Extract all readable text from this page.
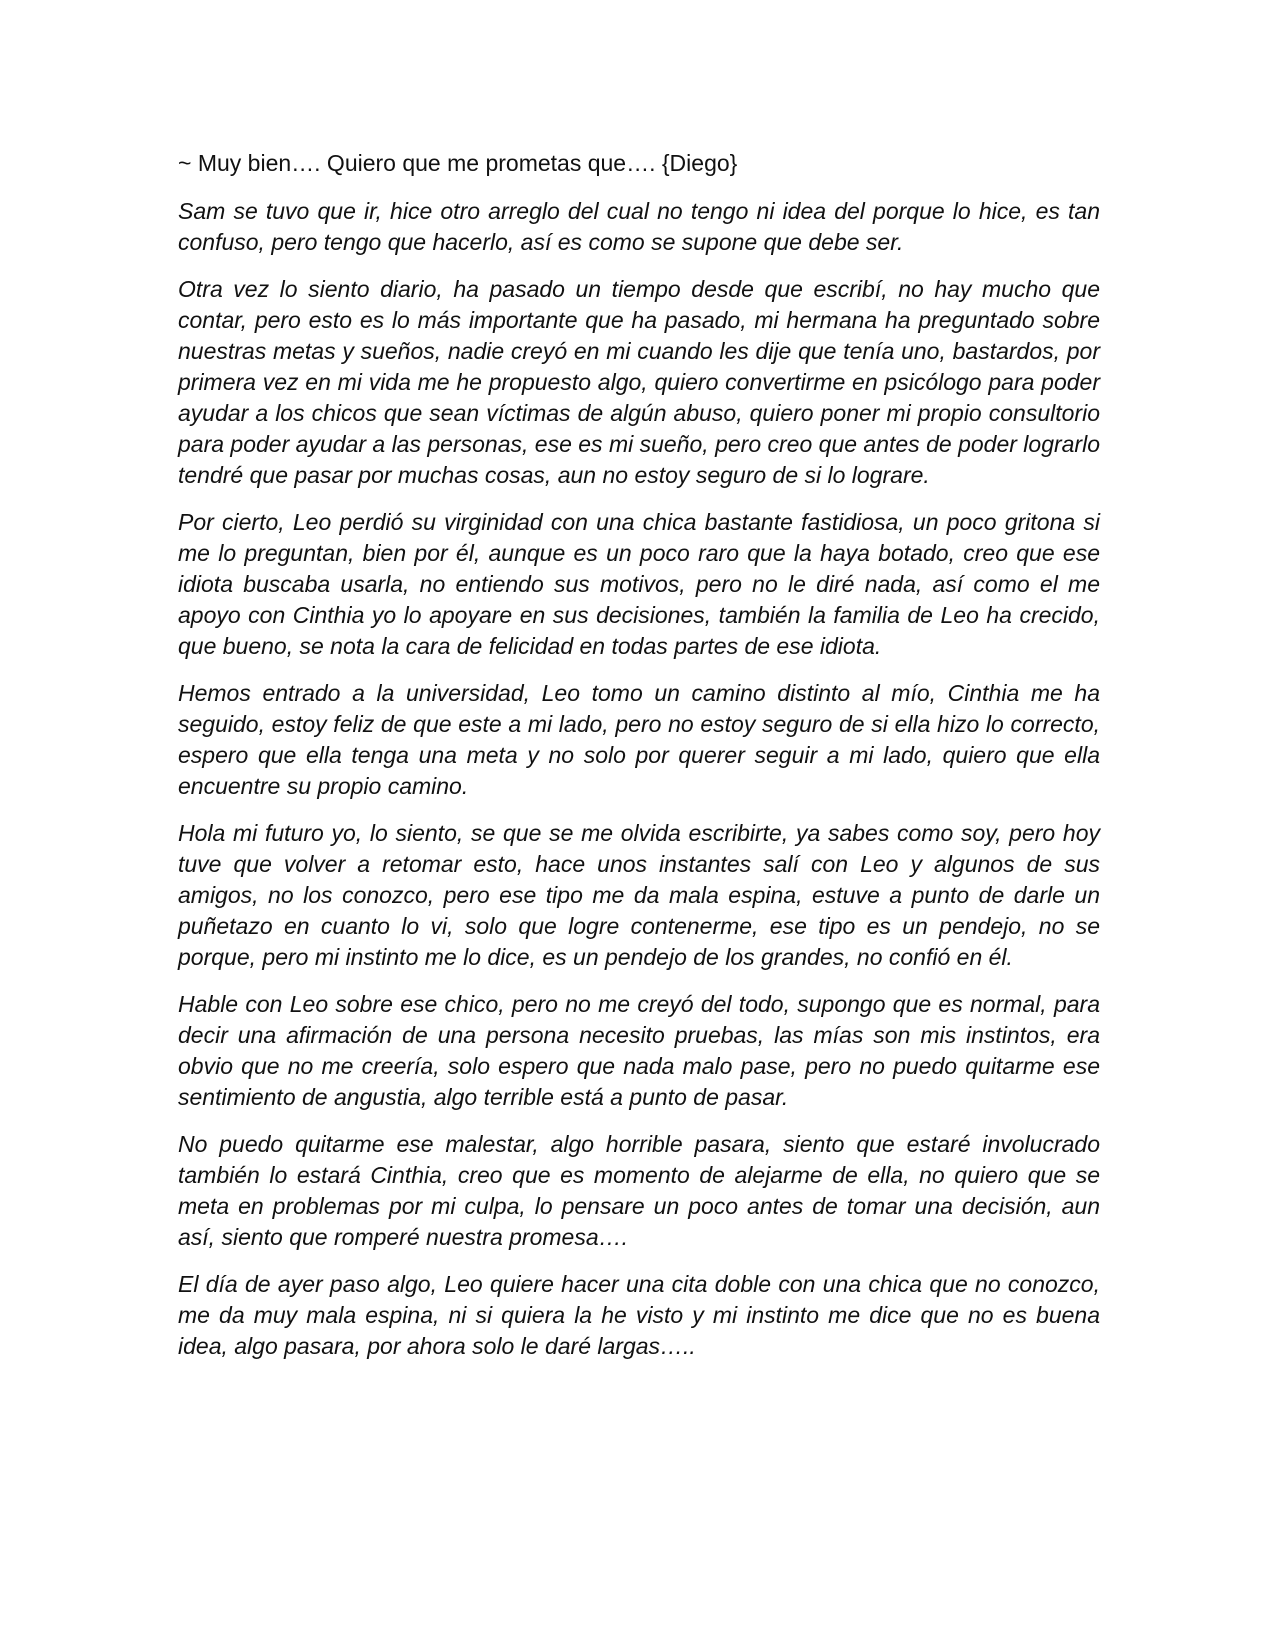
~ Muy bien…. Quiero que me prometas que…. {Diego}

Sam se tuvo que ir, hice otro arreglo del cual no tengo ni idea del porque lo hice, es tan confuso, pero tengo que hacerlo, así es como se supone que debe ser.

Otra vez lo siento diario, ha pasado un tiempo desde que escribí, no hay mucho que contar, pero esto es lo más importante que ha pasado, mi hermana ha preguntado sobre nuestras metas y sueños, nadie creyó en mi cuando les dije que tenía uno, bastardos, por primera vez en mi vida me he propuesto algo, quiero convertirme en psicólogo para poder ayudar a los chicos que sean víctimas de algún abuso, quiero poner mi propio consultorio para poder ayudar a las personas, ese es mi sueño, pero creo que antes de poder lograrlo tendré que pasar por muchas cosas, aun no estoy seguro de si lo lograre.

Por cierto, Leo perdió su virginidad con una chica bastante fastidiosa, un poco gritona si me lo preguntan, bien por él, aunque es un poco raro que la haya botado, creo que ese idiota buscaba usarla, no entiendo sus motivos, pero no le diré nada, así como el me apoyo con Cinthia yo lo apoyare en sus decisiones, también la familia de Leo ha crecido, que bueno, se nota la cara de felicidad en todas partes de ese idiota.

Hemos entrado a la universidad, Leo tomo un camino distinto al mío, Cinthia me ha seguido, estoy feliz de que este a mi lado, pero no estoy seguro de si ella hizo lo correcto, espero que ella tenga una meta y no solo por querer seguir a mi lado, quiero que ella encuentre su propio camino.

Hola mi futuro yo, lo siento, se que se me olvida escribirte, ya sabes como soy, pero hoy tuve que volver a retomar esto, hace unos instantes salí con Leo y algunos de sus amigos, no los conozco, pero ese tipo me da mala espina, estuve a punto de darle un puñetazo en cuanto lo vi, solo que logre contenerme, ese tipo es un pendejo, no se porque, pero mi instinto me lo dice, es un pendejo de los grandes, no confió en él.

Hable con Leo sobre ese chico, pero no me creyó del todo, supongo que es normal, para decir una afirmación de una persona necesito pruebas, las mías son mis instintos, era obvio que no me creería, solo espero que nada malo pase, pero no puedo quitarme ese sentimiento de angustia, algo terrible está a punto de pasar.

No puedo quitarme ese malestar, algo horrible pasara, siento que estaré involucrado también lo estará Cinthia, creo que es momento de alejarme de ella, no quiero que se meta en problemas por mi culpa, lo pensare un poco antes de tomar una decisión, aun así, siento que romperé nuestra promesa….

El día de ayer paso algo, Leo quiere hacer una cita doble con una chica que no conozco, me da muy mala espina, ni si quiera la he visto y mi instinto me dice que no es buena idea, algo pasara, por ahora solo le daré largas…..
